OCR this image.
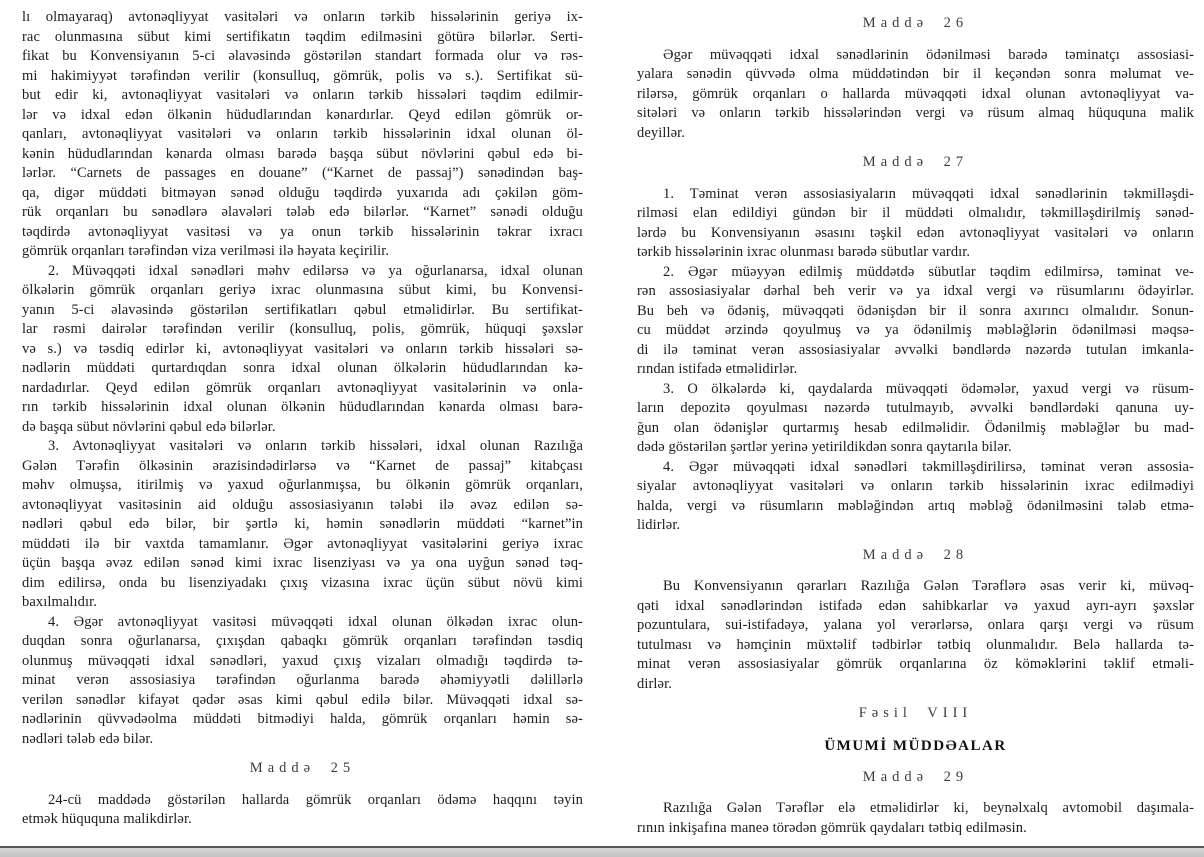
lı olmayaraq) avtonəqliyyat vasitələri və onların tərkib hissələrinin geriyə ix-
rac olunmasına sübut kimi sertifikatın təqdim edilməsini götürə bilərlər. Serti-
fikat bu Konvensiyanın 5-ci əlavəsində göstərilən standart formada olur və rəs-
mi hakimiyyət tərəfindən verilir (konsulluq, gömrük, polis və s.). Sertifikat sü-
but edir ki, avtonəqliyyat vasitələri və onların tərkib hissələri təqdim edilmir-
lər və idxal edən ölkənin hüdudlarından kənardırlar. Qeyd edilən gömrük or-
qanları, avtonəqliyyat vasitələri və onların tərkib hissələrinin idxal olunan öl-
kənin hüdudlarından kənarda olması barədə başqa sübut növlərini qəbul edə bi-
lərlər. “Carnets de passages en douane” (“Karnet de passaj”) sənədindən baş-
qa, digər müddəti bitməyən sənəd olduğu təqdirdə yuxarıda adı çəkilən göm-
rük orqanları bu sənədlərə əlavələri tələb edə bilərlər. “Karnet” sənədi olduğu
təqdirdə avtonəqliyyat vasitəsi və ya onun tərkib hissələrinin təkrar ixracı
gömrük orqanları tərəfindən viza verilməsi ilə həyata keçirilir.
2. Müvəqqəti idxal sənədləri məhv edilərsə və ya oğurlanarsa, idxal olunan
ölkələrin gömrük orqanları geriyə ixrac olunmasına sübut kimi, bu Konvensi-
yanın 5-ci əlavəsində göstərilən sertifikatları qəbul etməlidirlər. Bu sertifikat-
lar rəsmi dairələr tərəfindən verilir (konsulluq, polis, gömrük, hüquqi şəxslər
və s.) və təsdiq edirlər ki, avtonəqliyyat vasitələri və onların tərkib hissələri sə-
nədlərin müddəti qurtardıqdan sonra idxal olunan ölkələrin hüdudlarından kə-
nardadırlar. Qeyd edilən gömrük orqanları avtonəqliyyat vasitələrinin və onla-
rın tərkib hissələrinin idxal olunan ölkənin hüdudlarından kənarda olması barə-
də başqa sübut növlərini qəbul edə bilərlər.
3. Avtonəqliyyat vasitələri və onların tərkib hissələri, idxal olunan Razılığa
Gələn Tərəfin ölkəsinin ərazisindədirlərsə və “Karnet de passaj” kitabçası
məhv olmuşsa, itirilmiş və yaxud oğurlanmışsa, bu ölkənin gömrük orqanları,
avtonəqliyyat vasitəsinin aid olduğu assosiasiyanın tələbi ilə əvəz edilən sə-
nədləri qəbul edə bilər, bir şərtlə ki, həmin sənədlərin müddəti “karnet”in
müddəti ilə bir vaxtda tamamlanır. Əgər avtonəqliyyat vasitələrini geriyə ixrac
üçün başqa əvəz edilən sənəd kimi ixrac lisenziyası və ya ona uyğun sənəd təq-
dim edilirsə, onda bu lisenziyadakı çıxış vizasına ixrac üçün sübut növü kimi
baxılmalıdır.
4. Əgər avtonəqliyyat vasitəsi müvəqqəti idxal olunan ölkədən ixrac olun-
duqdan sonra oğurlanarsa, çıxışdan qabaqkı gömrük orqanları tərəfindən təsdiq
olunmuş müvəqqəti idxal sənədləri, yaxud çıxış vizaları olmadığı təqdirdə tə-
minat verən assosiasiya tərəfindən oğurlanma barədə əhəmiyyətli dəlillərlə
verilən sənədlər kifayət qədər əsas kimi qəbul edilə bilər. Müvəqqəti idxal sə-
nədlərinin qüvvədəolma müddəti bitmədiyi halda, gömrük orqanları həmin sə-
nədləri tələb edə bilər.
Maddə 25
24-cü maddədə göstərilən hallarda gömrük orqanları ödəmə haqqını təyin
etmək hüququna malikdirlər.
Maddə 26
Əgər müvəqqəti idxal sənədlərinin ödənilməsi barədə təminatçı assosiasi-
yalara sənədin qüvvədə olma müddətindən bir il keçəndən sonra məlumat ve-
rilərsə, gömrük orqanları o hallarda müvəqqəti idxal olunan avtonəqliyyat va-
sitələri və onların tərkib hissələrindən vergi və rüsum almaq hüququna malik
deyillər.
Maddə 27
1. Təminat verən assosiasiyaların müvəqqəti idxal sənədlərinin təkmilləşdi-
rilməsi elan edildiyi gündən bir il müddəti olmalıdır, təkmilləşdirilmiş sənəd-
lərdə bu Konvensiyanın əsasını təşkil edən avtonəqliyyat vasitələri və onların
tərkib hissələrinin ixrac olunması barədə sübutlar vardır.
2. Əgər müəyyən edilmiş müddətdə sübutlar təqdim edilmirsə, təminat ve-
rən assosiasiyalar dərhal beh verir və ya idxal vergi və rüsumlarını ödəyirlər.
Bu beh və ödəniş, müvəqqəti ödənişdən bir il sonra axırıncı olmalıdır. Sonun-
cu müddət ərzində qoyulmuş və ya ödənilmiş məbləğlərin ödənilməsi məqsə-
di ilə təminat verən assosiasiyalar əvvəlki bəndlərdə nəzərdə tutulan imkanla-
rından istifadə etməlidirlər.
3. O ölkələrdə ki, qaydalarda müvəqqəti ödəmələr, yaxud vergi və rüsum-
ların depozitə qoyulması nəzərdə tutulmayıb, əvvəlki bəndlərdəki qanuna uy-
ğun olan ödənişlər qurtarmış hesab edilməlidir. Ödənilmiş məbləğlər bu mad-
dədə göstərilən şərtlər yerinə yetirildikdən sonra qaytarıla bilər.
4. Əgər müvəqqəti idxal sənədləri təkmilləşdirilirsə, təminat verən assosia-
siyalar avtonəqliyyat vasitələri və onların tərkib hissələrinin ixrac edilmədiyi
halda, vergi və rüsumların məbləğindən artıq məbləğ ödənilməsini tələb etmə-
lidirlər.
Maddə 28
Bu Konvensiyanın qərarları Razılığa Gələn Tərəflərə əsas verir ki, müvəq-
qəti idxal sənədlərindən istifadə edən sahibkarlar və yaxud ayrı-ayrı şəxslər
pozuntulara, sui-istifadəyə, yalana yol verərlərsə, onlara qarşı vergi və rüsum
tutulması və həmçinin müxtəlif tədbirlər tətbiq olunmalıdır. Belə hallarda tə-
minat verən assosiasiyalar gömrük orqanlarına öz köməklərini təklif etməli-
dirlər.
Fəsil VIII
ÜMUMİ MÜDDƏALAR
Maddə 29
Razılığa Gələn Tərəflər elə etməlidirlər ki, beynəlxalq avtomobil daşımala-
rının inkişafına maneə törədən gömrük qaydaları tətbiq edilməsin.
